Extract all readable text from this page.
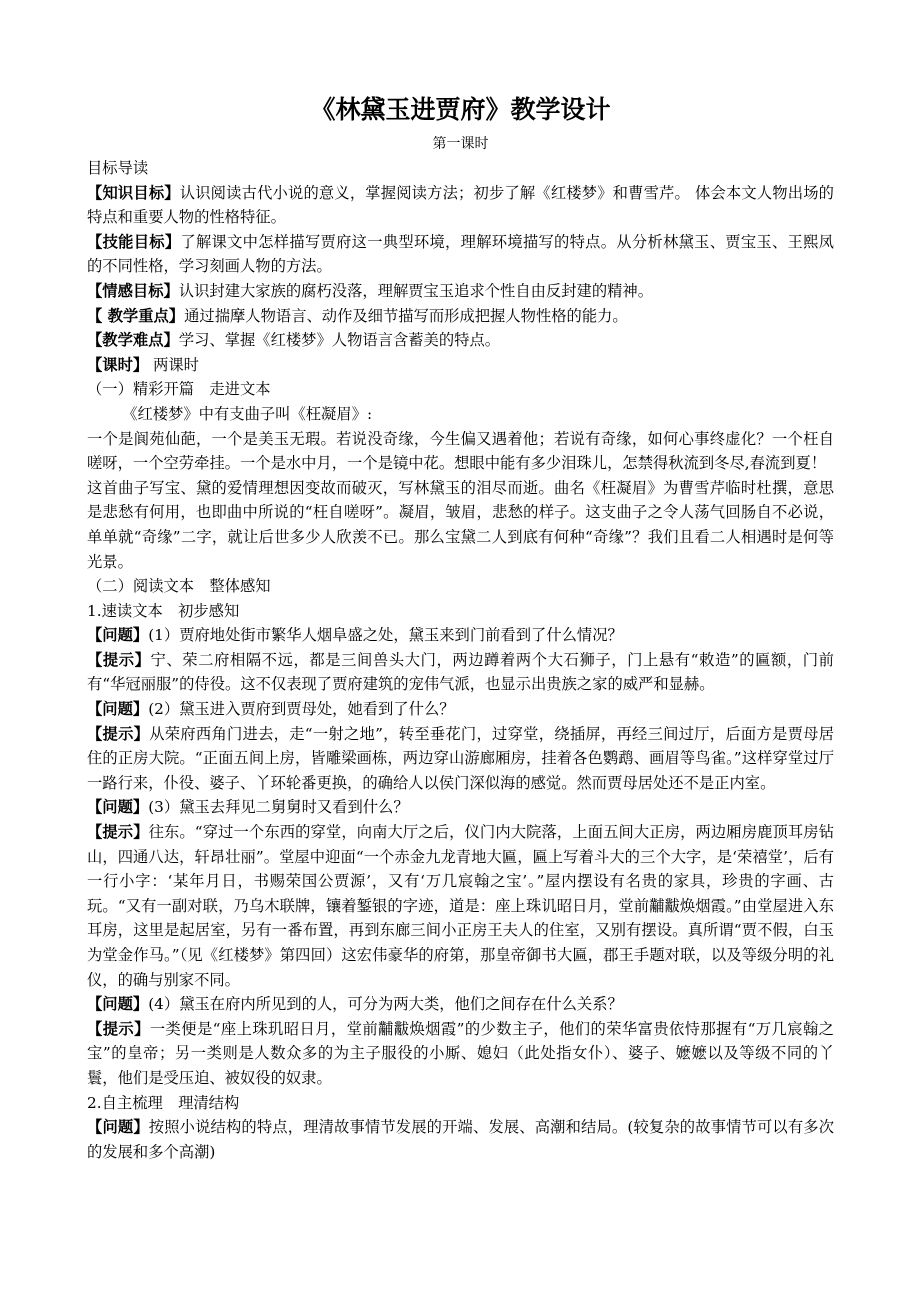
《林黛玉进贾府》教学设计
第一课时

目标导读

【知识目标】认识阅读古代小说的意义，掌握阅读方法；初步了解《红楼梦》和曹雪芹。 体会本文人物出场的特点和重要人物的性格特征。

【技能目标】了解课文中怎样描写贾府这一典型环境，理解环境描写的特点。从分析林黛玉、贾宝玉、王熙凤的不同性格，学习刻画人物的方法。

【情感目标】认识封建大家族的腐朽没落，理解贾宝玉追求个性自由反封建的精神。

【 教学重点】通过揣摩人物语言、动作及细节描写而形成把握人物性格的能力。

【教学难点】学习、掌握《红楼梦》人物语言含蓄美的特点。

【课时】 两课时

（一）精彩开篇　走进文本

《红楼梦》中有支曲子叫《枉凝眉》:

一个是阆苑仙葩，一个是美玉无瑕。若说没奇缘，今生偏又遇着他；若说有奇缘，如何心事终虚化？一个枉自嗟呀，一个空劳牵挂。一个是水中月，一个是镜中花。想眼中能有多少泪珠儿，怎禁得秋流到冬尽,春流到夏！

这首曲子写宝、黛的爱情理想因变故而破灭，写林黛玉的泪尽而逝。曲名《枉凝眉》为曹雪芹临时杜撰，意思是悲愁有何用，也即曲中所说的“枉自嗟呀”。凝眉，皱眉，悲愁的样子。这支曲子之令人荡气回肠自不必说，单单就“奇缘”二字，就让后世多少人欣羡不已。那么宝黛二人到底有何种“奇缘”？我们且看二人相遇时是何等光景。

（二）阅读文本　整体感知

1.速读文本　初步感知

【问题】(1）贾府地处街市繁华人烟阜盛之处，黛玉来到门前看到了什么情况？

【提示】宁、荣二府相隔不远，都是三间兽头大门，两边蹲着两个大石狮子，门上悬有“敕造”的匾额，门前有“华冠丽服”的侍役。这不仅表现了贾府建筑的宠伟气派，也显示出贵族之家的威严和显赫。

【问题】(2）黛玉进入贾府到贾母处，她看到了什么？

【提示】从荣府西角门进去，走“一射之地”，转至垂花门，过穿堂，绕插屏，再经三间过厅，后面方是贾母居住的正房大院。“正面五间上房，皆雕梁画栋，两边穿山游廊厢房，挂着各色鹦鹉、画眉等鸟雀。”这样穿堂过厅一路行来，仆役、婆子、丫环轮番更换，的确给人以侯门深似海的感觉。然而贾母居处还不是正内室。

【问题】(3）黛玉去拜见二舅舅时又看到什么？

【提示】往东。“穿过一个东西的穿堂，向南大厅之后，仪门内大院落，上面五间大正房，两边厢房鹿顶耳房钻山，四通八达，轩昂壮丽”。堂屋中迎面“一个赤金九龙青地大匾，匾上写着斗大的三个大字，是‘荣禧堂’，后有一行小字：‘某年月日，书赐荣国公贾源’，又有‘万几宸翰之宝’。”屋内摆设有名贵的家具，珍贵的字画、古玩。“又有一副对联，乃乌木联牌，镶着錾银的字迹，道是：座上珠讥昭日月，堂前黼黻焕烟霞。”由堂屋进入东耳房，这里是起居室，另有一番布置，再到东廊三间小正房王夫人的住室，又别有摆设。真所谓“贾不假，白玉为堂金作马。”（见《红楼梦》第四回）这宏伟豪华的府第，那皇帝御书大匾，郡王手题对联，以及等级分明的礼仪，的确与别家不同。

【问题】(4）黛玉在府内所见到的人，可分为两大类，他们之间存在什么关系？

【提示】一类便是“座上珠玑昭日月，堂前黼黻焕烟霞”的少数主子，他们的荣华富贵依恃那握有“万几宸翰之宝”的皇帝；另一类则是人数众多的为主子服役的小厮、媳妇（此处指女仆）、婆子、嬷嬷以及等级不同的丫鬟，他们是受压迫、被奴役的奴隶。

2.自主梳理　理清结构

【问题】按照小说结构的特点，理清故事情节发展的开端、发展、高潮和结局。(较复杂的故事情节可以有多次的发展和多个高潮)
